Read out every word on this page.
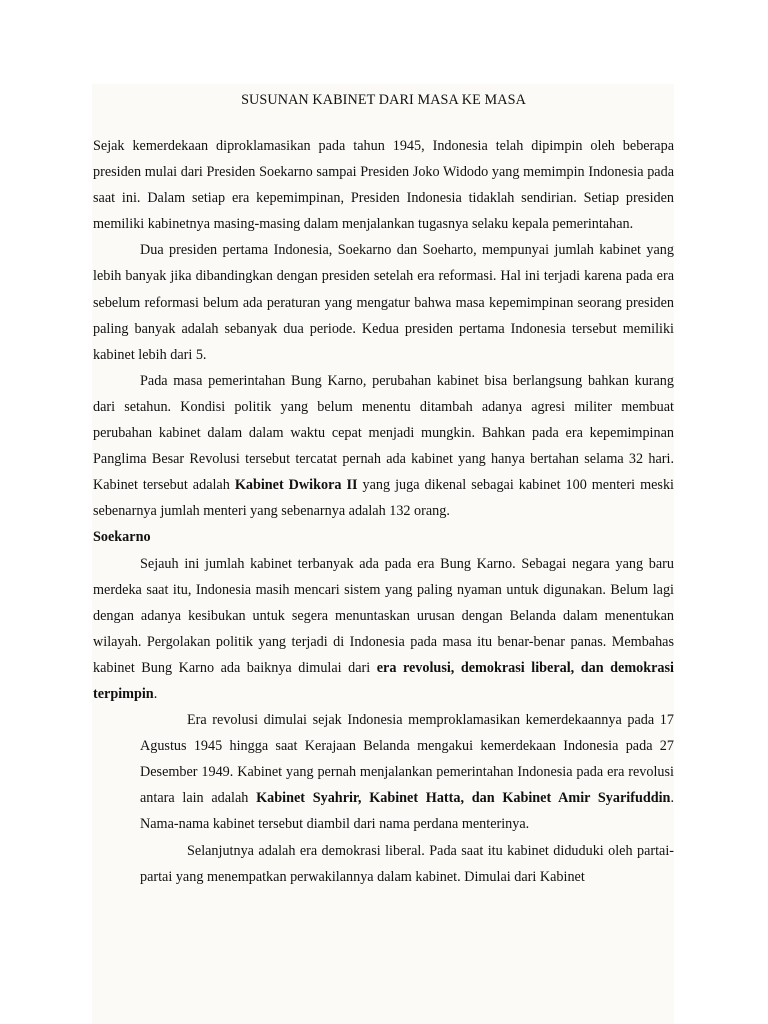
SUSUNAN KABINET DARI MASA KE MASA

Sejak kemerdekaan diproklamasikan pada tahun 1945, Indonesia telah dipimpin oleh beberapa presiden mulai dari Presiden Soekarno sampai Presiden Joko Widodo yang memimpin Indonesia pada saat ini. Dalam setiap era kepemimpinan, Presiden Indonesia tidaklah sendirian. Setiap presiden memiliki kabinetnya masing-masing dalam menjalankan tugasnya selaku kepala pemerintahan.

Dua presiden pertama Indonesia, Soekarno dan Soeharto, mempunyai jumlah kabinet yang lebih banyak jika dibandingkan dengan presiden setelah era reformasi. Hal ini terjadi karena pada era sebelum reformasi belum ada peraturan yang mengatur bahwa masa kepemimpinan seorang presiden paling banyak adalah sebanyak dua periode. Kedua presiden pertama Indonesia tersebut memiliki kabinet lebih dari 5.

Pada masa pemerintahan Bung Karno, perubahan kabinet bisa berlangsung bahkan kurang dari setahun. Kondisi politik yang belum menentu ditambah adanya agresi militer membuat perubahan kabinet dalam dalam waktu cepat menjadi mungkin. Bahkan pada era kepemimpinan Panglima Besar Revolusi tersebut tercatat pernah ada kabinet yang hanya bertahan selama 32 hari. Kabinet tersebut adalah Kabinet Dwikora II yang juga dikenal sebagai kabinet 100 menteri meski sebenarnya jumlah menteri yang sebenarnya adalah 132 orang.

Soekarno

Sejauh ini jumlah kabinet terbanyak ada pada era Bung Karno. Sebagai negara yang baru merdeka saat itu, Indonesia masih mencari sistem yang paling nyaman untuk digunakan. Belum lagi dengan adanya kesibukan untuk segera menuntaskan urusan dengan Belanda dalam menentukan wilayah. Pergolakan politik yang terjadi di Indonesia pada masa itu benar-benar panas. Membahas kabinet Bung Karno ada baiknya dimulai dari era revolusi, demokrasi liberal, dan demokrasi terpimpin.

Era revolusi dimulai sejak Indonesia memproklamasikan kemerdekaannya pada 17 Agustus 1945 hingga saat Kerajaan Belanda mengakui kemerdekaan Indonesia pada 27 Desember 1949. Kabinet yang pernah menjalankan pemerintahan Indonesia pada era revolusi antara lain adalah Kabinet Syahrir, Kabinet Hatta, dan Kabinet Amir Syarifuddin. Nama-nama kabinet tersebut diambil dari nama perdana menterinya.

Selanjutnya adalah era demokrasi liberal. Pada saat itu kabinet diduduki oleh partai-partai yang menempatkan perwakilannya dalam kabinet. Dimulai dari Kabinet
